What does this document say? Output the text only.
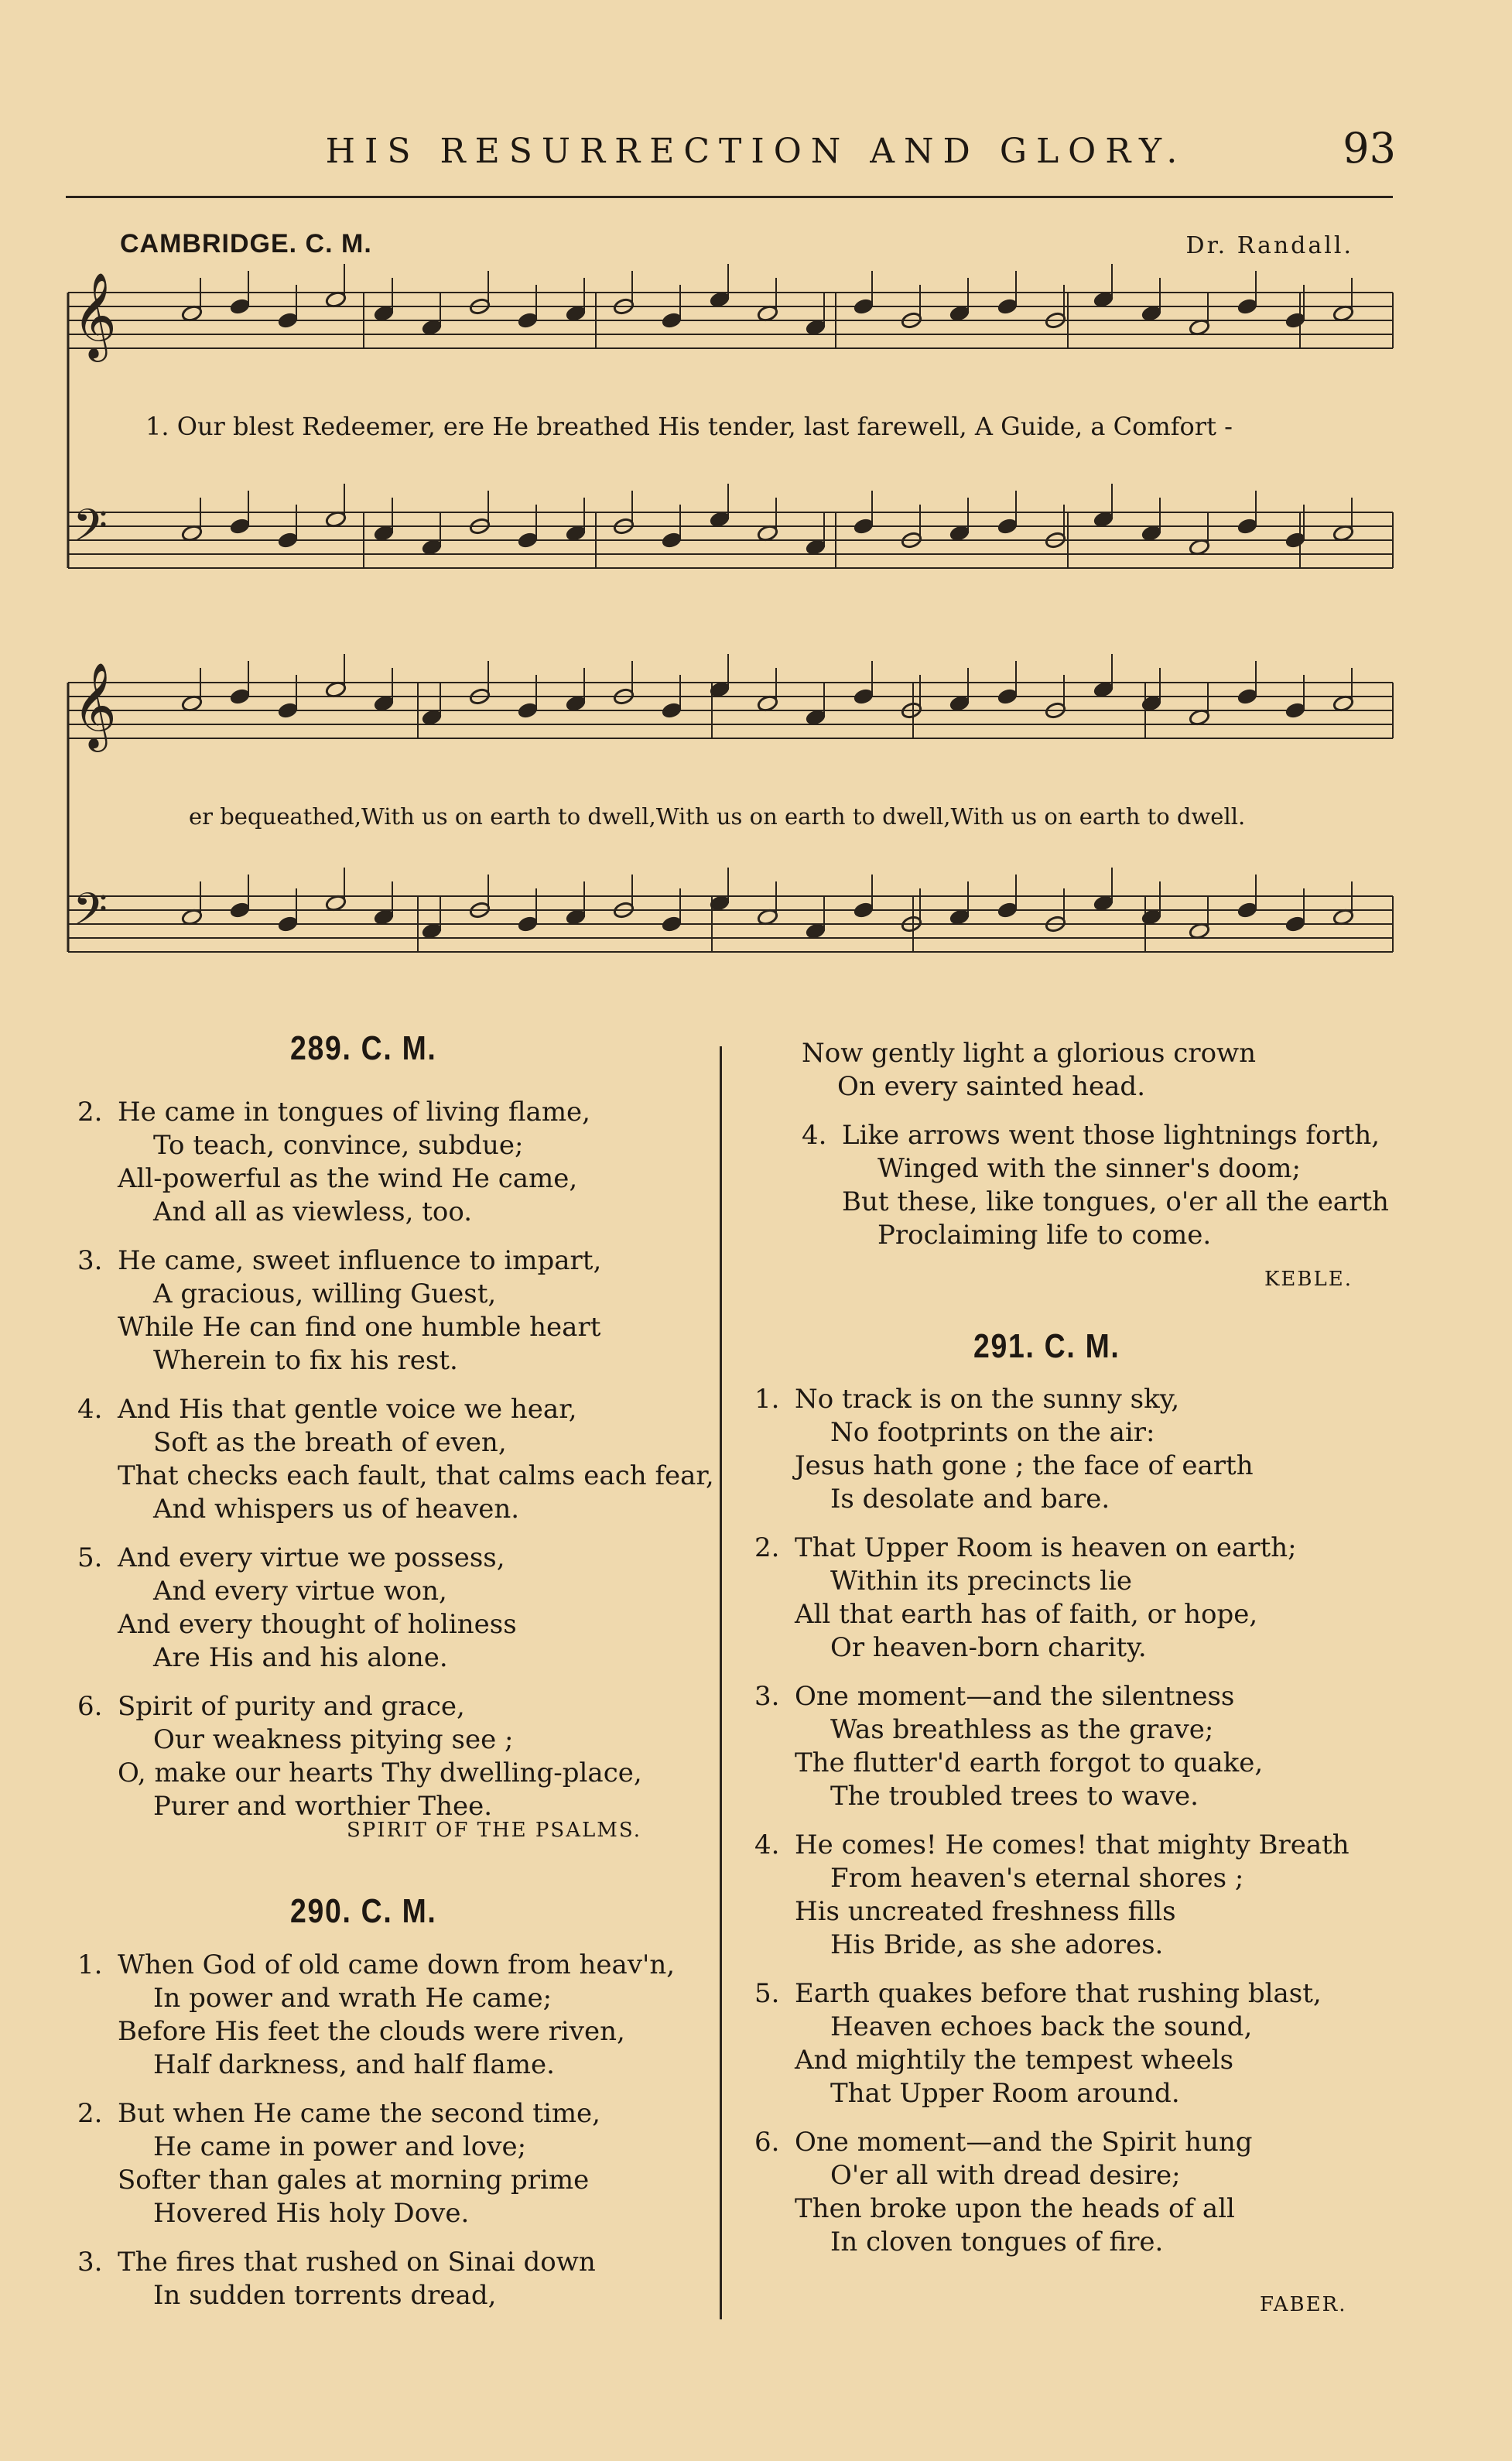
HIS RESURRECTION AND GLORY.	93
CAMBRIDGE. C. M.	Dr. Randall.
𝄞
𝄢
𝄞
𝄢
1. Our blest Redeemer, ere He breathed His tender, last farewell, A Guide, a Comfort -
er bequeathed,With us on earth to dwell,With us on earth to dwell,With us on earth to dwell.
289. C. M.
2. He came in tongues of living flame,
To teach, convince, subdue;
All-powerful as the wind He came,
And all as viewless, too.
3. He came, sweet influence to impart,
A gracious, willing Guest,
While He can find one humble heart
Wherein to fix his rest.
4. And His that gentle voice we hear,
Soft as the breath of even,
That checks each fault, that calms each fear,
And whispers us of heaven.
5. And every virtue we possess,
And every virtue won,
And every thought of holiness
Are His and his alone.
6. Spirit of purity and grace,
Our weakness pitying see ;
O, make our hearts Thy dwelling-place,
Purer and worthier Thee.
SPIRIT OF THE PSALMS.
290. C. M.
1. When God of old came down from heav'n,
In power and wrath He came;
Before His feet the clouds were riven,
Half darkness, and half flame.
2. But when He came the second time,
He came in power and love;
Softer than gales at morning prime
Hovered His holy Dove.
3. The fires that rushed on Sinai down
In sudden torrents dread,
Now gently light a glorious crown
On every sainted head.
4. Like arrows went those lightnings forth,
Winged with the sinner's doom;
But these, like tongues, o'er all the earth
Proclaiming life to come.
KEBLE.
291. C. M.
1. No track is on the sunny sky,
No footprints on the air:
Jesus hath gone ; the face of earth
Is desolate and bare.
2. That Upper Room is heaven on earth;
Within its precincts lie
All that earth has of faith, or hope,
Or heaven-born charity.
3. One moment—and the silentness
Was breathless as the grave;
The flutter'd earth forgot to quake,
The troubled trees to wave.
4. He comes! He comes! that mighty Breath
From heaven's eternal shores ;
His uncreated freshness fills
His Bride, as she adores.
5. Earth quakes before that rushing blast,
Heaven echoes back the sound,
And mightily the tempest wheels
That Upper Room around.
6. One moment—and the Spirit hung
O'er all with dread desire;
Then broke upon the heads of all
In cloven tongues of fire.
FABER.
